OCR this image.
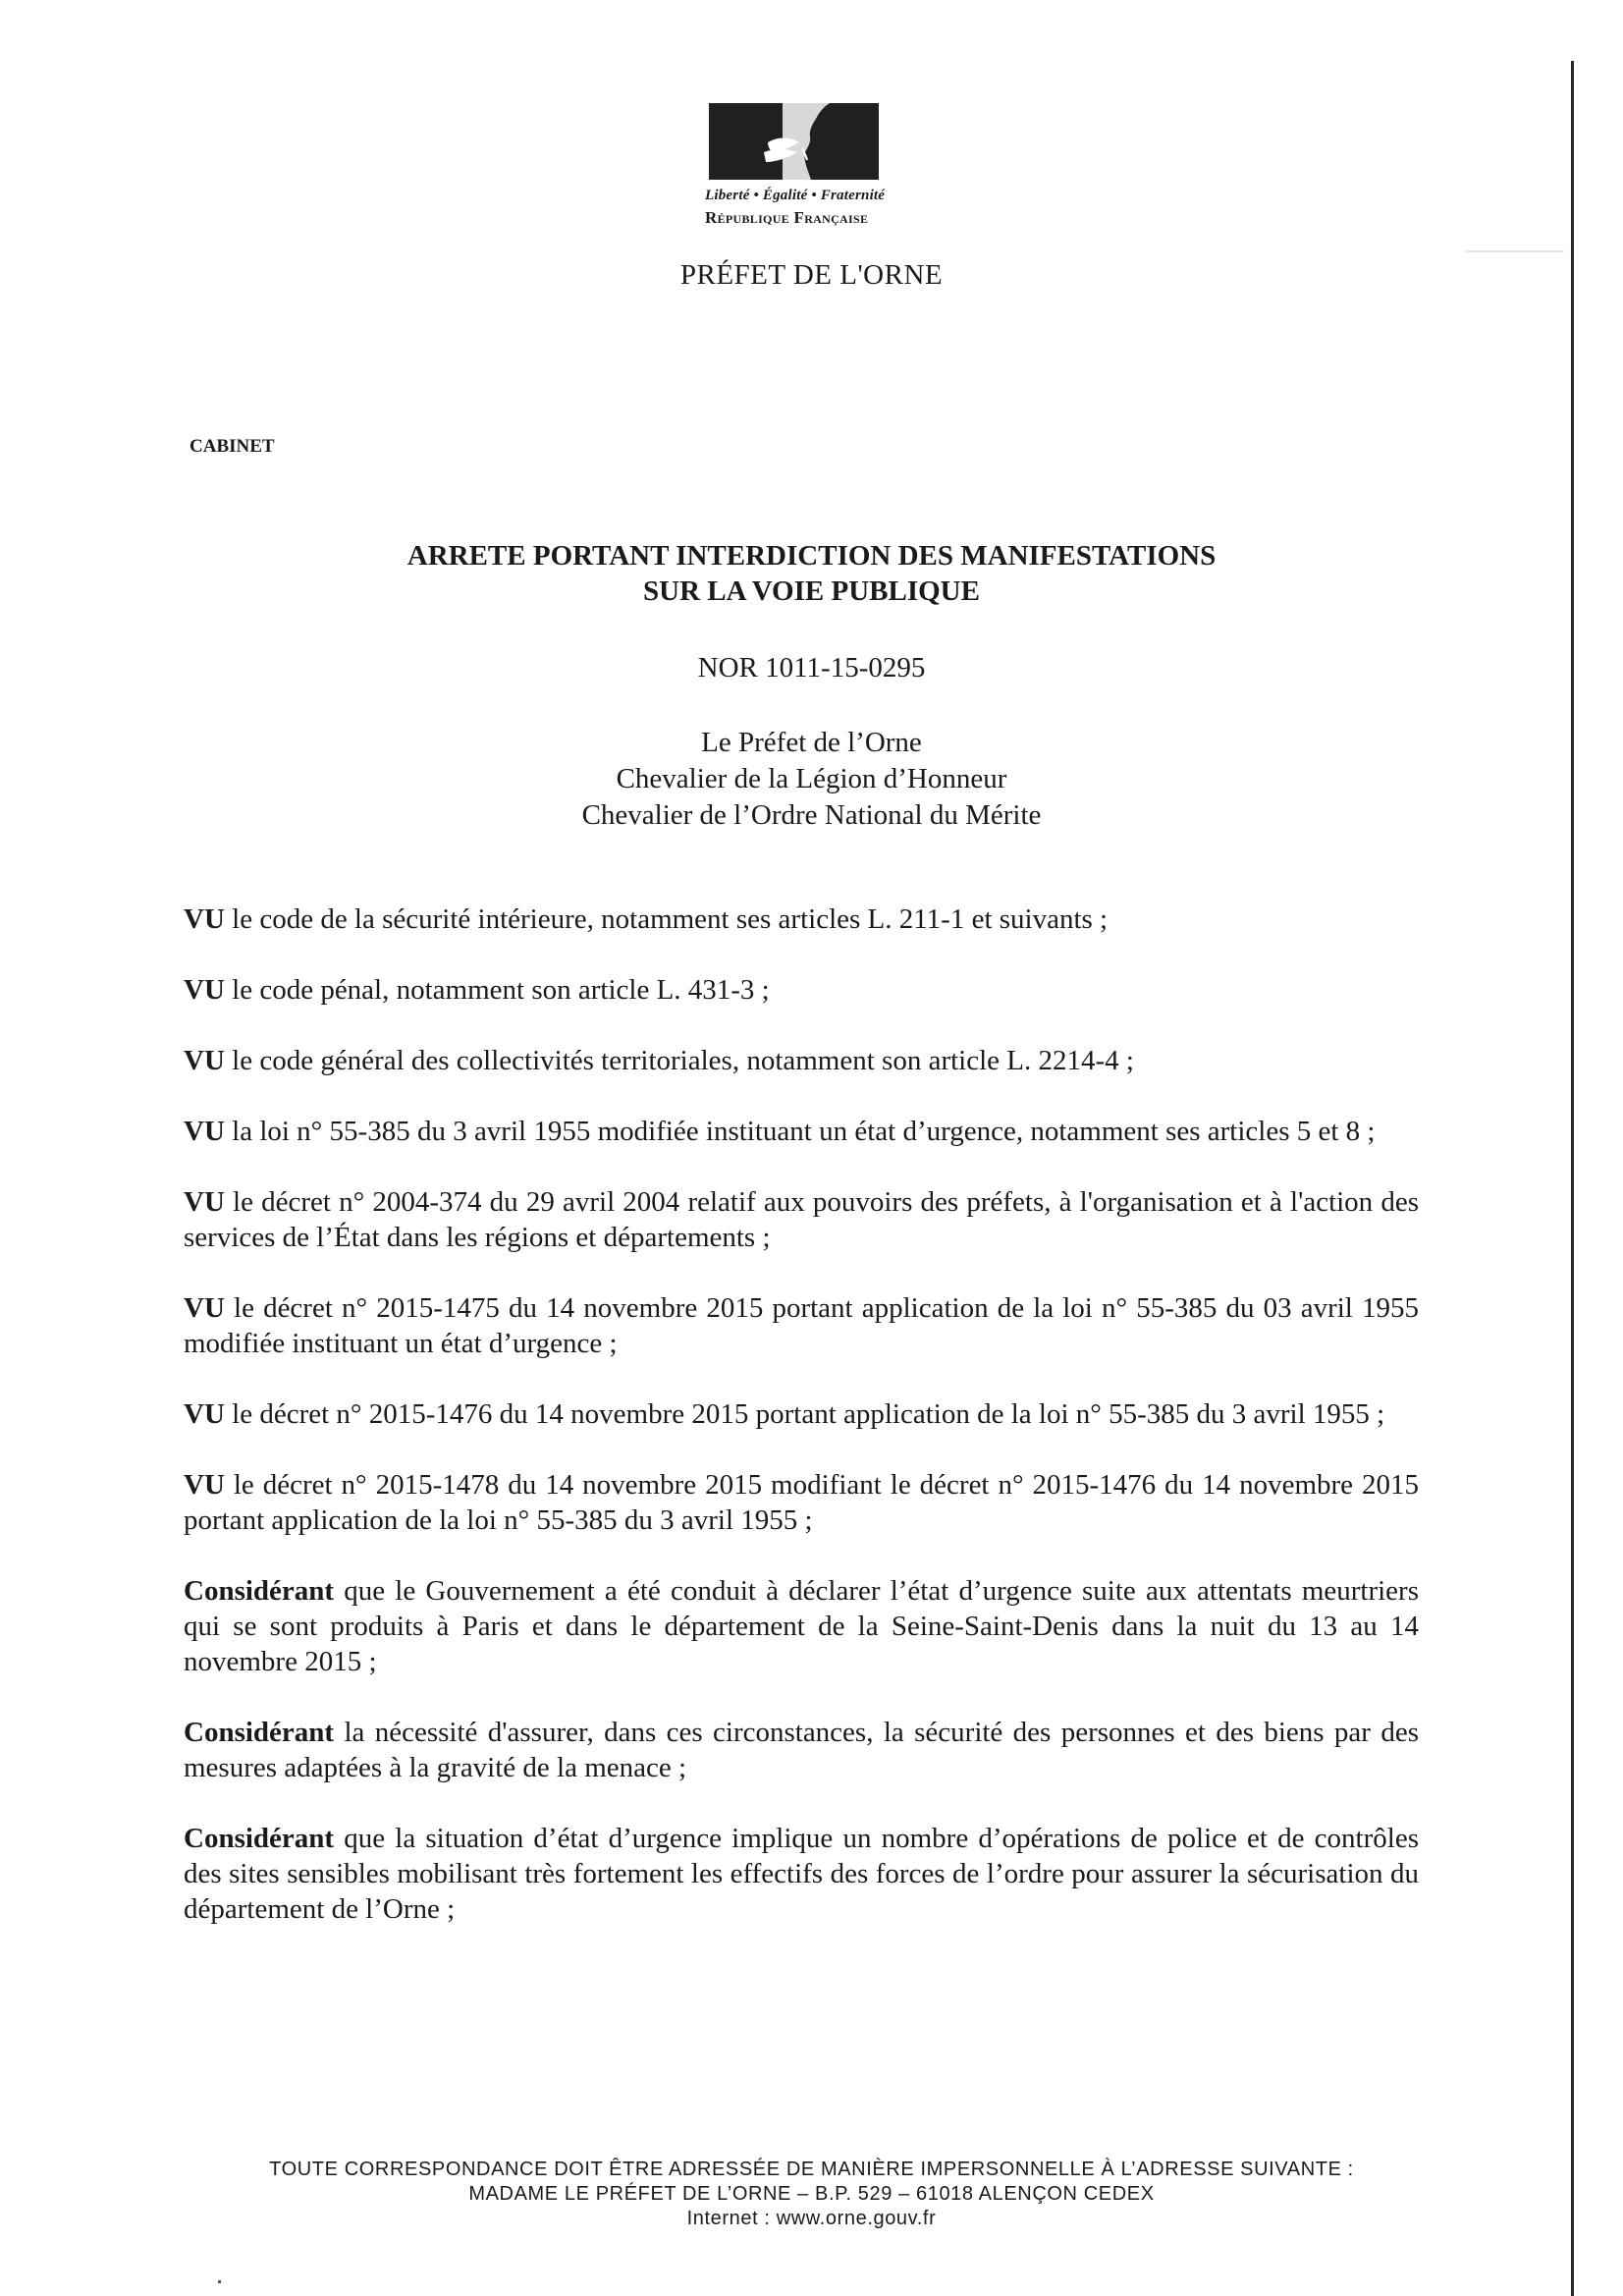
Liberté • Égalité • Fraternité
République Française
PRÉFET DE L'ORNE
CABINET
ARRETE PORTANT INTERDICTION DES MANIFESTATIONS
SUR LA VOIE PUBLIQUE
NOR 1011-15-0295
Le Préfet de l’Orne
Chevalier de la Légion d’Honneur
Chevalier de l’Ordre National du Mérite

VU le code de la sécurité intérieure, notamment ses articles L. 211-1 et suivants ;

VU le code pénal, notamment son article L. 431-3 ;

VU le code général des collectivités territoriales, notamment son article L. 2214-4 ;

VU la loi n° 55-385 du 3 avril 1955 modifiée instituant un état d’urgence, notamment ses articles 5 et 8 ;

VU le décret n° 2004-374 du 29 avril 2004 relatif aux pouvoirs des préfets, à l'organisation et à l'action des services de l’État dans les régions et départements ;

VU le décret n° 2015-1475 du 14 novembre 2015 portant application de la loi n° 55-385 du 03 avril 1955 modifiée instituant un état d’urgence ;

VU le décret n° 2015-1476 du 14 novembre 2015 portant application de la loi n° 55-385 du 3 avril 1955 ;

VU le décret n° 2015-1478 du 14 novembre 2015 modifiant le décret n° 2015-1476 du 14 novembre 2015 portant application de la loi n° 55-385 du 3 avril 1955 ;

Considérant que le Gouvernement a été conduit à déclarer l’état d’urgence suite aux attentats meurtriers qui se sont produits à Paris et dans le département de la Seine-Saint-Denis dans la nuit du 13 au 14 novembre 2015 ;

Considérant la nécessité d'assurer, dans ces circonstances, la sécurité des personnes et des biens par des mesures adaptées à la gravité de la menace ;

Considérant que la situation d’état d’urgence implique un nombre d’opérations de police et de contrôles des sites sensibles mobilisant très fortement les effectifs des forces de l’ordre pour assurer la sécurisation du département de l’Orne ;

TOUTE CORRESPONDANCE DOIT ÊTRE ADRESSÉE DE MANIÈRE IMPERSONNELLE À L’ADRESSE SUIVANTE :
MADAME LE PRÉFET DE L’ORNE – B.P. 529 – 61018 ALENÇON CEDEX
Internet : www.orne.gouv.fr
